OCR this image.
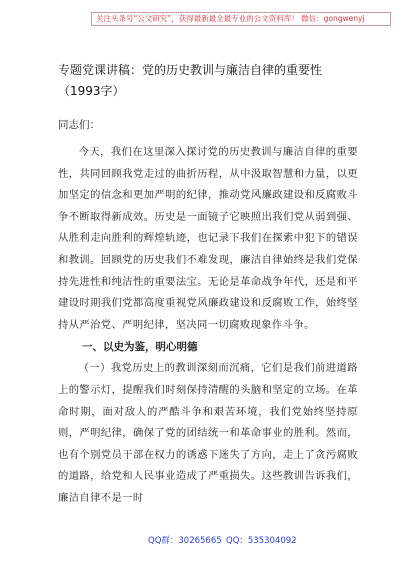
关注头条号“公文研究”，获得最新最全最专业的公文资料库！ 微信：gongwenyj
专题党课讲稿：党的历史教训与廉洁自律的重要性（1993字）
同志们：

今天，我们在这里深入探讨党的历史教训与廉洁自律的重要性，共同回顾我党走过的曲折历程，从中汲取智慧和力量，以更加坚定的信念和更加严明的纪律，推动党风廉政建设和反腐败斗争不断取得新成效。历史是一面镜子它映照出我们党从弱到强、从胜利走向胜利的辉煌轨迹，也记录下我们在探索中犯下的错误和教训。回顾党的历史我们不难发现，廉洁自律始终是我们党保持先进性和纯洁性的重要法宝。无论是革命战争年代，还是和平建设时期我们党都高度重视党风廉政建设和反腐败工作，始终坚持从严治党、严明纪律，坚决同一切腐败现象作斗争。

一、以史为鉴，明心明德

（一）我党历史上的教训深刻而沉痛，它们是我们前进道路上的警示灯，提醒我们时刻保持清醒的头脑和坚定的立场。在革命时期，面对敌人的严酷斗争和艰苦环境，我们党始终坚持原则，严明纪律，确保了党的团结统一和革命事业的胜利。然而，也有个别党员干部在权力的诱惑下迷失了方向，走上了贪污腐败的道路，给党和人民事业造成了严重损失。这些教训告诉我们，廉洁自律不是一时

QQ群：30265665 QQ：535304092
